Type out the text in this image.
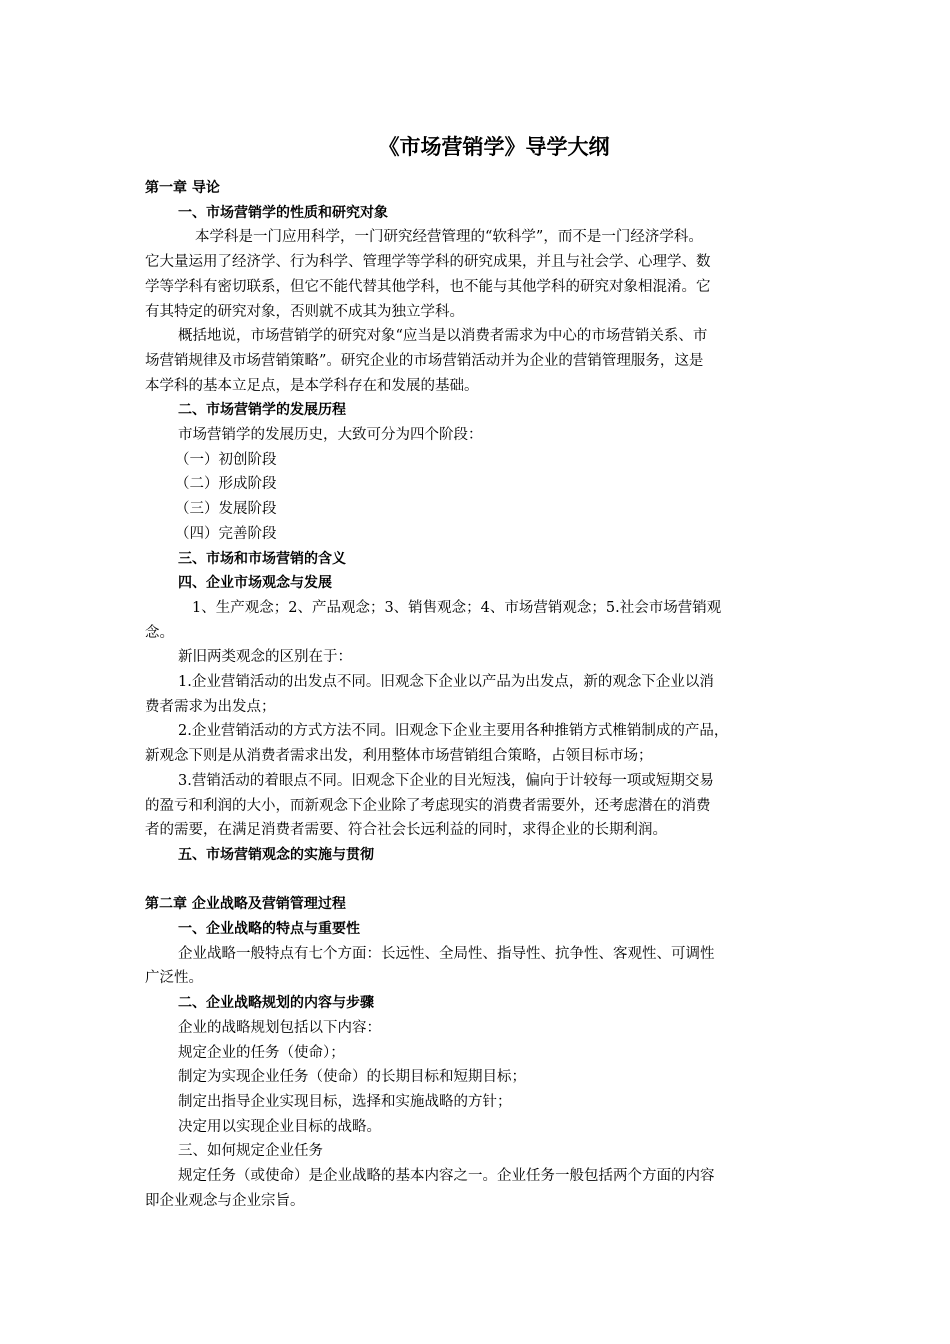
《市场营销学》导学大纲
第一章 导论
一、市场营销学的性质和研究对象
本学科是一门应用科学，一门研究经营管理的“软科学”，而不是一门经济学科。
它大量运用了经济学、行为科学、管理学等学科的研究成果，并且与社会学、心理学、数
学等学科有密切联系，但它不能代替其他学科，也不能与其他学科的研究对象相混淆。它
有其特定的研究对象，否则就不成其为独立学科。
概括地说，市场营销学的研究对象“应当是以消费者需求为中心的市场营销关系、市
场营销规律及市场营销策略”。研究企业的市场营销活动并为企业的营销管理服务，这是
本学科的基本立足点，是本学科存在和发展的基础。
二、市场营销学的发展历程
市场营销学的发展历史，大致可分为四个阶段：
（一）初创阶段
（二）形成阶段
（三）发展阶段
（四）完善阶段
三、市场和市场营销的含义
四、企业市场观念与发展
1、生产观念；2、产品观念；3、销售观念；4、市场营销观念；5.社会市场营销观
念。
新旧两类观念的区别在于：
1.企业营销活动的出发点不同。旧观念下企业以产品为出发点，新的观念下企业以消
费者需求为出发点；
2.企业营销活动的方式方法不同。旧观念下企业主要用各种推销方式椎销制成的产品，
新观念下则是从消费者需求出发，利用整体市场营销组合策略，占领目标市场；
3.营销活动的着眼点不同。旧观念下企业的目光短浅，偏向于计较每一项或短期交易
的盈亏和利润的大小，而新观念下企业除了考虑现实的消费者需要外，还考虑潜在的消费
者的需要，在满足消费者需要、符合社会长远利益的同时，求得企业的长期利润。
五、市场营销观念的实施与贯彻
第二章 企业战略及营销管理过程
一、企业战略的特点与重要性
企业战略一般特点有七个方面：长远性、全局性、指导性、抗争性、客观性、可调性
广泛性。
二、企业战略规划的内容与步骤
企业的战略规划包括以下内容：
规定企业的任务（使命）；
制定为实现企业任务（使命）的长期目标和短期目标；
制定出指导企业实现目标，选择和实施战略的方针；
决定用以实现企业目标的战略。
三、如何规定企业任务
规定任务（或使命）是企业战略的基本内容之一。企业任务一般包括两个方面的内容
即企业观念与企业宗旨。
